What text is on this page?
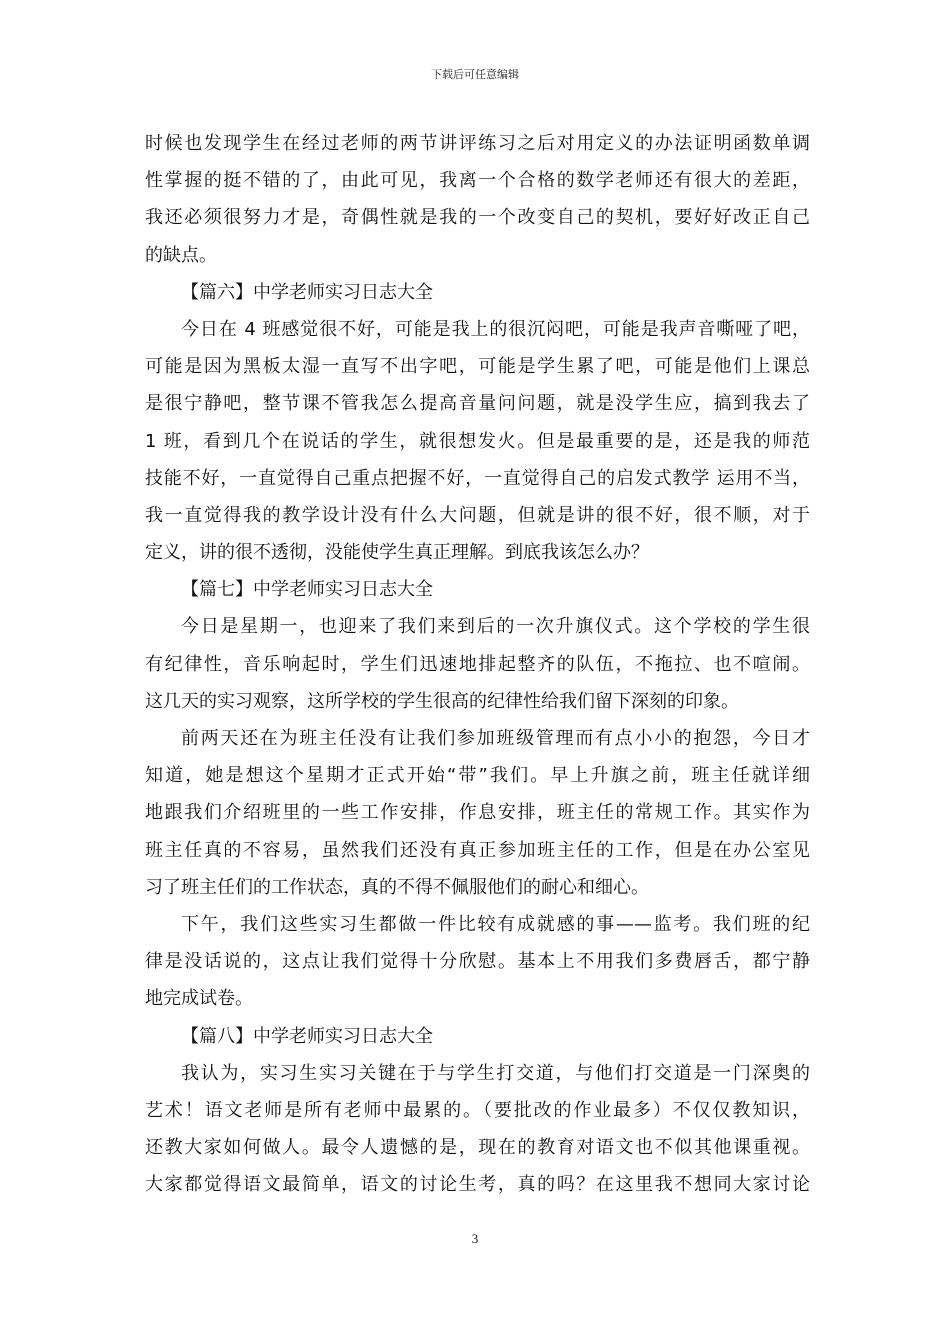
下载后可任意编辑
时候也发现学生在经过老师的两节讲评练习之后对用定义的办法证明函数单调
性掌握的挺不错的了，由此可见，我离一个合格的数学老师还有很大的差距，
我还必须很努力才是，奇偶性就是我的一个改变自己的契机，要好好改正自己
的缺点。
【篇六】中学老师实习日志大全
今日在 4 班感觉很不好，可能是我上的很沉闷吧，可能是我声音嘶哑了吧，
可能是因为黑板太湿一直写不出字吧，可能是学生累了吧，可能是他们上课总
是很宁静吧，整节课不管我怎么提高音量问问题，就是没学生应，搞到我去了
1 班，看到几个在说话的学生，就很想发火。但是最重要的是，还是我的师范
技能不好，一直觉得自己重点把握不好，一直觉得自己的启发式教学 运用不当，
我一直觉得我的教学设计没有什么大问题，但就是讲的很不好，很不顺，对于
定义，讲的很不透彻，没能使学生真正理解。到底我该怎么办？
【篇七】中学老师实习日志大全
今日是星期一，也迎来了我们来到后的一次升旗仪式。这个学校的学生很
有纪律性，音乐响起时，学生们迅速地排起整齐的队伍，不拖拉、也不喧闹。
这几天的实习观察，这所学校的学生很高的纪律性给我们留下深刻的印象。
前两天还在为班主任没有让我们参加班级管理而有点小小的抱怨，今日才
知道，她是想这个星期才正式开始“带”我们。早上升旗之前，班主任就详细
地跟我们介绍班里的一些工作安排，作息安排，班主任的常规工作。其实作为
班主任真的不容易，虽然我们还没有真正参加班主任的工作，但是在办公室见
习了班主任们的工作状态，真的不得不佩服他们的耐心和细心。
下午，我们这些实习生都做一件比较有成就感的事——监考。我们班的纪
律是没话说的，这点让我们觉得十分欣慰。基本上不用我们多费唇舌，都宁静
地完成试卷。
【篇八】中学老师实习日志大全
我认为，实习生实习关键在于与学生打交道，与他们打交道是一门深奥的
艺术！语文老师是所有老师中最累的。（要批改的作业最多）不仅仅教知识，
还教大家如何做人。最令人遗憾的是，现在的教育对语文也不似其他课重视。
大家都觉得语文最简单，语文的讨论生考，真的吗？在这里我不想同大家讨论
3
